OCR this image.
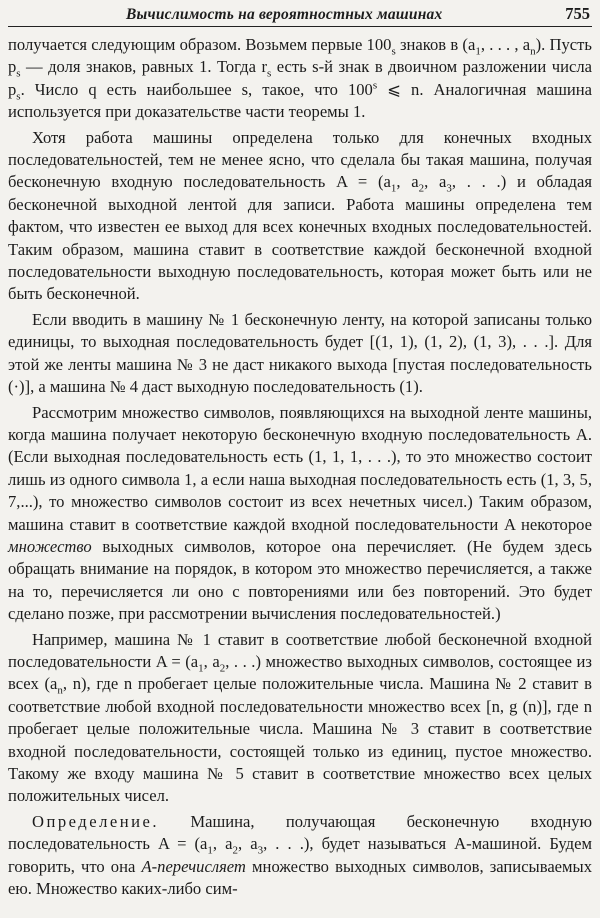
Вычислимость на вероятностных машинах	755

получается следующим образом. Возьмем первые $100_s$ знаков в ($a_1$, . . . , $a_n$). Пусть $p_s$ — доля знаков, равных 1. Тогда $r_s$ есть s-й знак в двоичном разложении числа $p_s$. Число q есть наибольшее s, такое, что 100$^s$ ⩽ n. Аналогичная машина используется при доказательстве части теоремы 1.

Хотя работа машины определена только для конечных входных последовательностей, тем не менее ясно, что сделала бы такая машина, получая бесконечную входную последовательность $A = (a_1$, $a_2$, $a_3$, . . .) и обладая бесконечной выходной лентой для записи. Работа машины определена тем фактом, что известен ее выход для всех конечных входных последовательностей. Таким образом, машина ставит в соответствие каждой бесконечной входной последовательности выходную последовательность, которая может быть или не быть бесконечной.

Если вводить в машину № 1 бесконечную ленту, на которой записаны только единицы, то выходная последовательность будет [(1, 1), (1, 2), (1, 3), . . .]. Для этой же ленты машина № 3 не даст никакого выхода [пустая последовательность (·)], а машина № 4 даст выходную последовательность (1).

Рассмотрим множество символов, появляющихся на выходной ленте машины, когда машина получает некоторую бесконечную входную последовательность A. (Если выходная последовательность есть (1, 1, 1, . . .), то это множество состоит лишь из одного символа 1, а если наша выходная последовательность есть (1, 3, 5, 7,...), то множество символов состоит из всех нечетных чисел.) Таким образом, машина ставит в соответствие каждой входной последовательности A некоторое множество выходных символов, которое она перечисляет. (Не будем здесь обращать внимание на порядок, в котором это множество перечисляется, а также на то, перечисляется ли оно с повторениями или без повторений. Это будет сделано позже, при рассмотрении вычисления последовательностей.)

Например, машина № 1 ставит в соответствие любой бесконечной входной последовательности $A = (a_1$, $a_2$, . . .) множество выходных символов, состоящее из всех ($a_n$, n), где n пробегает целые положительные числа. Машина № 2 ставит в соответствие любой входной последовательности множество всех [n, g (n)], где n пробегает целые положительные числа. Машина № 3 ставит в соответствие входной последовательности, состоящей только из единиц, пустое множество. Такому же входу машина № 5 ставит в соответствие множество всех целых положительных чисел.

Определение. Машина, получающая бесконечную входную последовательность $A = (a_1$, $a_2$, $a_3$, . . .), будет называться A-машиной. Будем говорить, что она A-перечисляет множество выходных символов, записываемых ею. Множество каких-либо сим-
